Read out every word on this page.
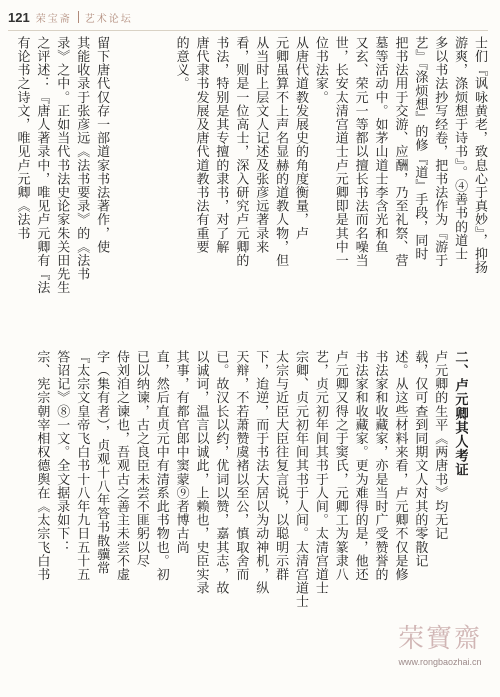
121 荣宝斋 艺术论坛
士们『讽咏黄老，致息心于真妙』，抑扬
游爽，涤烦想于诗书』。④善书的道士
多以书法抄写经卷，把书法作为『游于
艺』『涤烦想』的修『道』手段，同时
把书法用于交游、应酬，乃至礼祭、营
墓等活动中。如茅山道士李含光和鱼
又玄、荣元一等都以擅长书法而名噪当
世，长安太清宫道士卢元卿即是其中一
位书法家。
从唐代道教发展史的角度衡量，卢
元卿虽算不上声名显赫的道教人物，但
从当时上层文人记述及张彦远著录来
看，则是一位高士，深入研究卢元卿的
书法，特别是其专擅的隶书，对了解
唐代隶书发展及唐代道教书法有重要
的意义。
留下唐代仅存一部道家书法著作，使
其能收录于张彦远《法书要录》的《法书
录》之中。正如当代书法史论家朱关田先生
之评述：『唐人著录中，唯见卢元卿有『法
有论书之诗文，唯见卢元卿《法书
二、卢元卿其人考证
卢元卿的生平《两唐书》均无记
载，仅可查到同期文人对其的零散记
述。从这些材料来看，卢元卿不仅是修
书法家和收藏家，亦是当时广受赞誉的
书法家和收藏家。更为难得的是，他还
卢元卿又得之于窦氏，元卿工为篆隶八
艺，贞元初年间其书于人间。太清宫道士
宗卿、贞元初年间其书于人间。太清宫道士
太宗与近臣大臣往复言说，以聪明示群
下，迨逆，而于书法大居以为动神机，纵
天辩，不若萧赞虞褚以至公，慎取舍而
已。故汉长以约，优词以赞，嘉其志，故
以诚诃，温言以诚此，上赖也，史臣实录
其事，有都官郎中窦蒙⑨者博古尚
直，然后直贞元中有清系此书物也。初
已以纳谏，古之良臣未尝不匪躬以尽
侍刘洎之谏也，吾观古之善主未尝不虚
字（集有者），贞观十八年答书散骥常
『太宗文皇帝飞白书十八年九日五十五
答诏记》⑧一文。全文据录如下：
宗、宪宗朝宰相权德舆在《太宗飞白书
荣寶齋
www.rongbaozhai.cn
